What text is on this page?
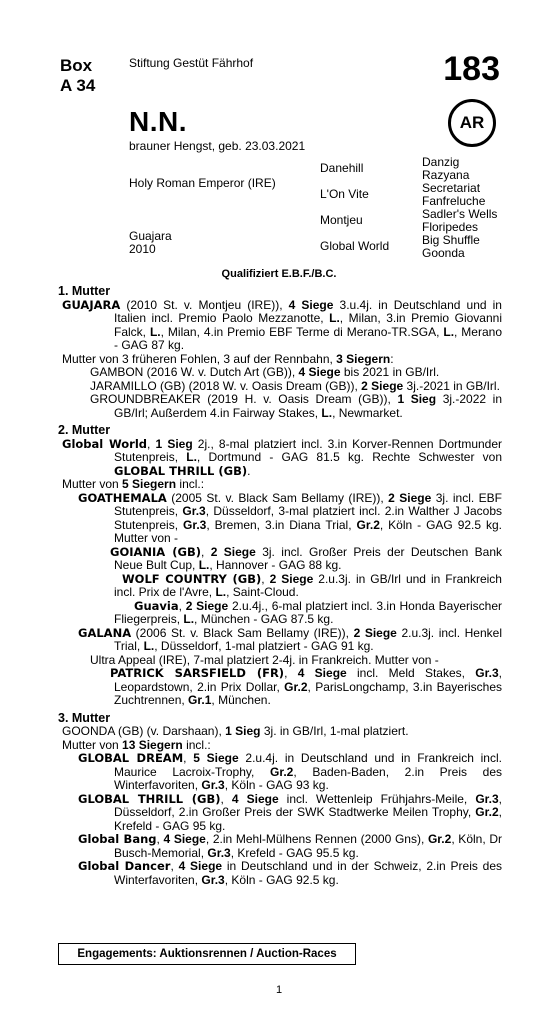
Box
A 34
Stiftung Gestüt Fährhof	183
AR
N.N.
brauner Hengst, geb. 23.03.2021
Holy Roman Emperor (IRE)
Guajara
2010
Danehill
L'On Vite
Montjeu
Global World
Danzig
Razyana
Secretariat
Fanfreluche
Sadler's Wells
Floripedes
Big Shuffle
Goonda
Qualifiziert E.B.F./B.C.
1. Mutter
GUAJARA (2010 St. v. Montjeu (IRE)), 4 Siege 3.u.4j. in Deutschland und in Italien incl. Premio Paolo Mezzanotte, L., Milan, 3.in Premio Giovanni Falck, L., Milan, 4.in Premio EBF Terme di Merano-TR.SGA, L., Merano - GAG 87 kg.
Mutter von 3 früheren Fohlen, 3 auf der Rennbahn, 3 Siegern:
GAMBON (2016 W. v. Dutch Art (GB)), 4 Siege bis 2021 in GB/Irl.
JARAMILLO (GB) (2018 W. v. Oasis Dream (GB)), 2 Siege 3j.-2021 in GB/Irl.
GROUNDBREAKER (2019 H. v. Oasis Dream (GB)), 1 Sieg 3j.-2022 in GB/Irl; Außerdem 4.in Fairway Stakes, L., Newmarket.
2. Mutter
Global World, 1 Sieg 2j., 8-mal platziert incl. 3.in Korver-Rennen Dortmunder Stutenpreis, L., Dortmund - GAG 81.5 kg. Rechte Schwester von GLOBAL THRILL (GB).
Mutter von 5 Siegern incl.:
GOATHEMALA (2005 St. v. Black Sam Bellamy (IRE)), 2 Siege 3j. incl. EBF Stutenpreis, Gr.3, Düsseldorf, 3-mal platziert incl. 2.in Walther J Jacobs Stutenpreis, Gr.3, Bremen, 3.in Diana Trial, Gr.2, Köln - GAG 92.5 kg. Mutter von -
GOIANIA (GB), 2 Siege 3j. incl. Großer Preis der Deutschen Bank Neue Bult Cup, L., Hannover - GAG 88 kg.
WOLF COUNTRY (GB), 2 Siege 2.u.3j. in GB/Irl und in Frankreich incl. Prix de l'Avre, L., Saint-Cloud.
Guavia, 2 Siege 2.u.4j., 6-mal platziert incl. 3.in Honda Bayerischer Fliegerpreis, L., München - GAG 87.5 kg.
GALANA (2006 St. v. Black Sam Bellamy (IRE)), 2 Siege 2.u.3j. incl. Henkel Trial, L., Düsseldorf, 1-mal platziert - GAG 91 kg.
Ultra Appeal (IRE), 7-mal platziert 2-4j. in Frankreich. Mutter von -
PATRICK SARSFIELD (FR), 4 Siege incl. Meld Stakes, Gr.3, Leopardstown, 2.in Prix Dollar, Gr.2, ParisLongchamp, 3.in Bayerisches Zuchtrennen, Gr.1, München.
3. Mutter
GOONDA (GB) (v. Darshaan), 1 Sieg 3j. in GB/Irl, 1-mal platziert.
Mutter von 13 Siegern incl.:
GLOBAL DREAM, 5 Siege 2.u.4j. in Deutschland und in Frankreich incl. Maurice Lacroix-Trophy, Gr.2, Baden-Baden, 2.in Preis des Winterfavoriten, Gr.3, Köln - GAG 93 kg.
GLOBAL THRILL (GB), 4 Siege incl. Wettenleip Frühjahrs-Meile, Gr.3, Düsseldorf, 2.in Großer Preis der SWK Stadtwerke Meilen Trophy, Gr.2, Krefeld - GAG 95 kg.
Global Bang, 4 Siege, 2.in Mehl-Mülhens Rennen (2000 Gns), Gr.2, Köln, Dr Busch-Memorial, Gr.3, Krefeld - GAG 95.5 kg.
Global Dancer, 4 Siege in Deutschland und in der Schweiz, 2.in Preis des Winterfavoriten, Gr.3, Köln - GAG 92.5 kg.
Engagements: Auktionsrennen / Auction-Races
1
